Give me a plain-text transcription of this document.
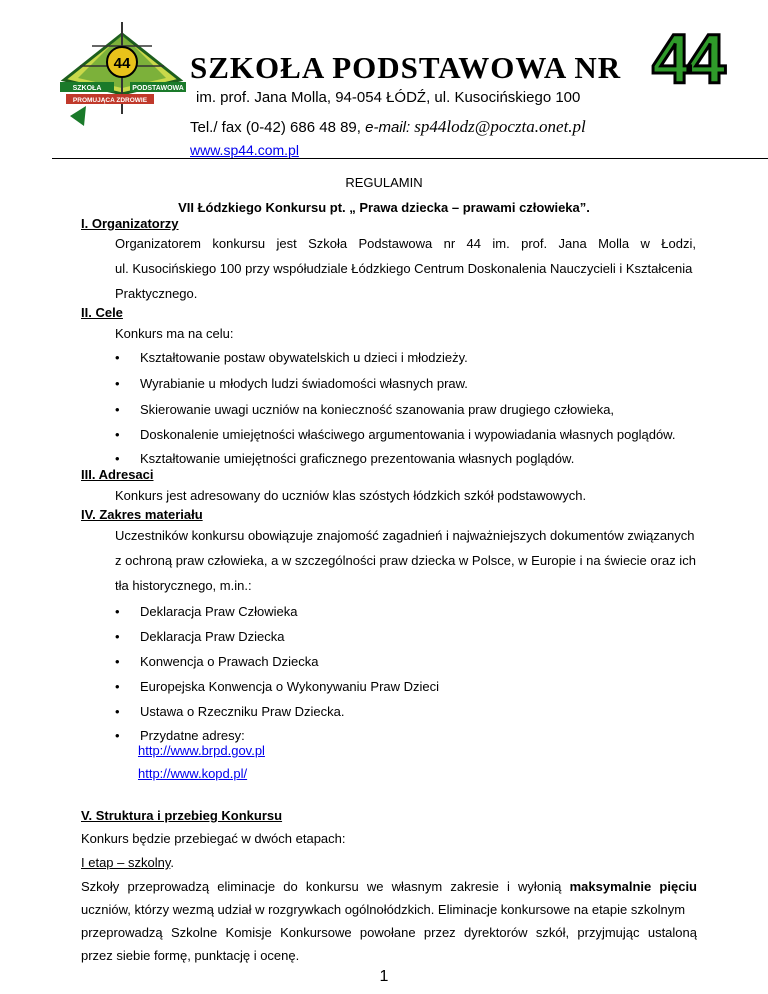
44
SZKOŁA	PODSTAWOWA
PROMUJĄCA ZDROWIE
SZKOŁA PODSTAWOWA NR 44
im. prof. Jana Molla, 94-054 ŁÓDŹ, ul. Kusocińskiego 100
Tel./ fax (0-42) 686 48 89, e-mail: sp44lodz@poczta.onet.pl
www.sp44.com.pl
REGULAMIN
VII Łódzkiego Konkursu pt. „ Prawa dziecka – prawami człowieka”.
I. Organizatorzy
Organizatorem konkursu jest Szkoła Podstawowa nr 44 im. prof. Jana Molla w Łodzi,
ul. Kusocińskiego 100 przy współudziale Łódzkiego Centrum Doskonalenia Nauczycieli i Kształcenia
Praktycznego.
II. Cele
Konkurs ma na celu:
• Kształtowanie postaw obywatelskich u dzieci i młodzieży.
• Wyrabianie u młodych ludzi świadomości własnych praw.
• Skierowanie uwagi uczniów na konieczność szanowania praw drugiego człowieka,
• Doskonalenie umiejętności właściwego argumentowania i wypowiadania własnych poglądów.
• Kształtowanie umiejętności graficznego prezentowania własnych poglądów.
III. Adresaci
Konkurs jest adresowany do uczniów klas szóstych łódzkich szkół podstawowych.
IV. Zakres materiału
Uczestników konkursu obowiązuje znajomość zagadnień i najważniejszych dokumentów związanych
z ochroną praw człowieka, a w szczególności praw dziecka w Polsce, w Europie i na świecie oraz ich
tła historycznego, m.in.:
• Deklaracja Praw Człowieka
• Deklaracja Praw Dziecka
• Konwencja o Prawach Dziecka
• Europejska Konwencja o Wykonywaniu Praw Dzieci
• Ustawa o Rzeczniku Praw Dziecka.
• Przydatne adresy:
http://www.brpd.gov.pl
http://www.kopd.pl/
V. Struktura i przebieg Konkursu
Konkurs będzie przebiegać w dwóch etapach:
I etap – szkolny.
Szkoły przeprowadzą eliminacje do konkursu we własnym zakresie i wyłonią maksymalnie pięciu
uczniów, którzy wezmą udział w rozgrywkach ogólnołódzkich. Eliminacje konkursowe na etapie szkolnym
przeprowadzą Szkolne Komisje Konkursowe powołane przez dyrektorów szkół, przyjmując ustaloną
przez siebie formę, punktację i ocenę.
1
